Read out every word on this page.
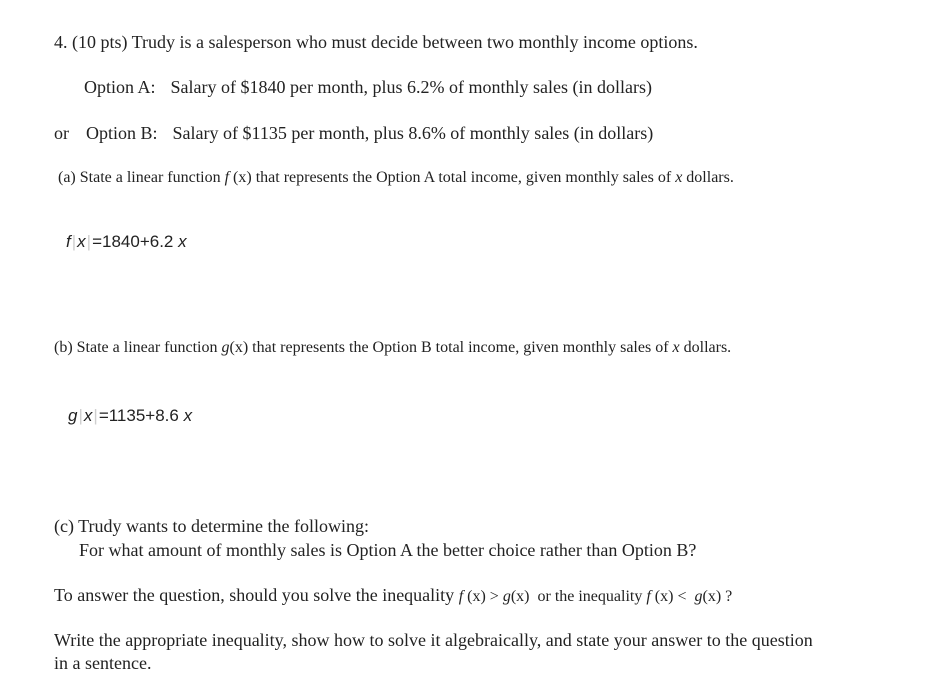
4. (10 pts) Trudy is a salesperson who must decide between two monthly income options.
Option A: Salary of $1840 per month, plus 6.2% of monthly sales (in dollars)
or Option B: Salary of $1135 per month, plus 8.6% of monthly sales (in dollars)
(a) State a linear function f (x) that represents the Option A total income, given monthly sales of x dollars.
f|x|=1840+6.2 x
(b) State a linear function g(x) that represents the Option B total income, given monthly sales of x dollars.
g|x|=1135+8.6 x
(c) Trudy wants to determine the following:
For what amount of monthly sales is Option A the better choice rather than Option B?
To answer the question, should you solve the inequality f (x) > g(x)  or the inequality f (x) <  g(x) ?
Write the appropriate inequality, show how to solve it algebraically, and state your answer to the question
in a sentence.
